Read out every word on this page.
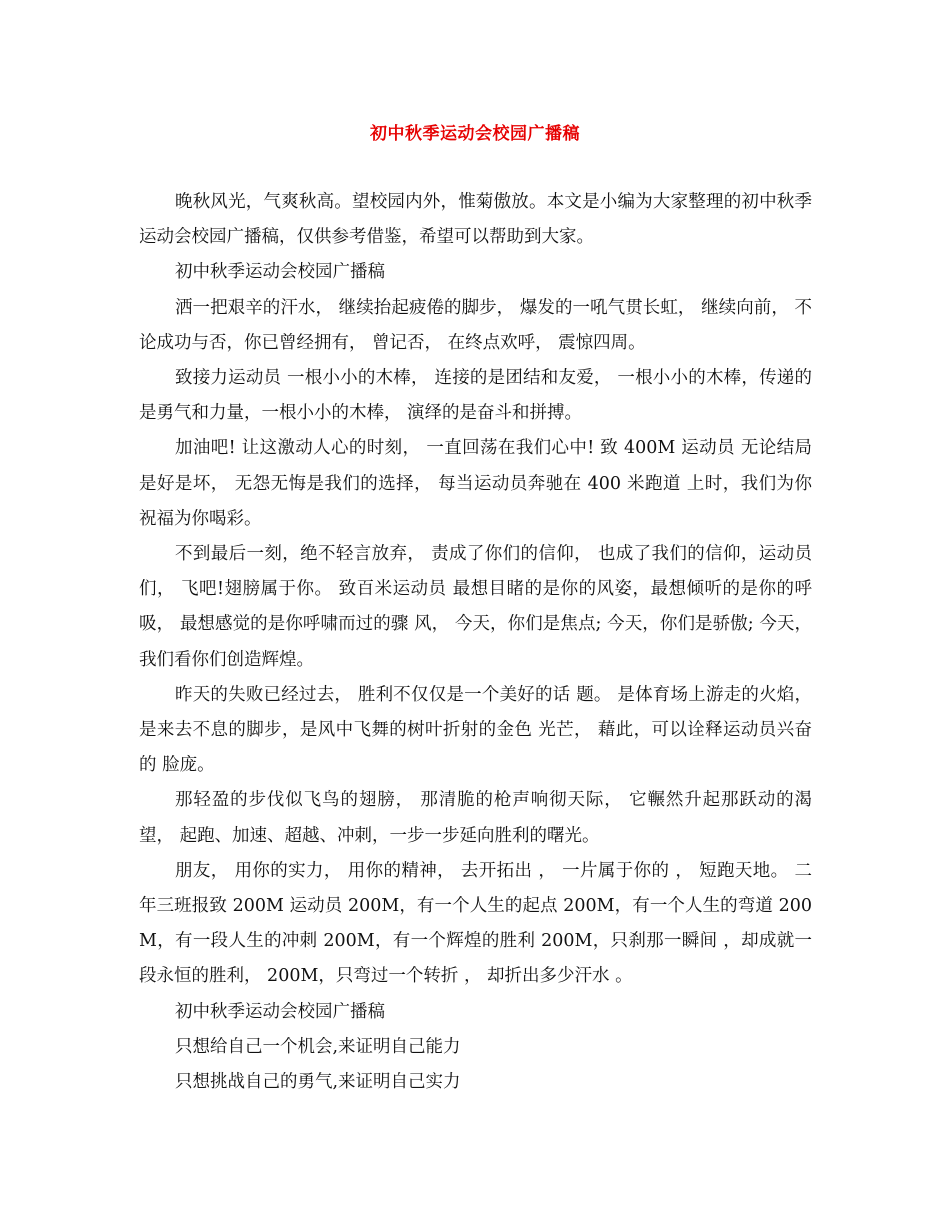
初中秋季运动会校园广播稿

晚秋风光，气爽秋高。望校园内外，惟菊傲放。本文是小编为大家整理的初中秋季运动会校园广播稿，仅供参考借鉴，希望可以帮助到大家。

初中秋季运动会校园广播稿

洒一把艰辛的汗水， 继续抬起疲倦的脚步， 爆发的一吼气贯长虹， 继续向前， 不论成功与否，你已曾经拥有， 曾记否， 在终点欢呼， 震惊四周。

致接力运动员 一根小小的木棒， 连接的是团结和友爱， 一根小小的木棒，传递的是勇气和力量，一根小小的木棒， 演绎的是奋斗和拼搏。

加油吧! 让这激动人心的时刻， 一直回荡在我们心中! 致 400M 运动员 无论结局是好是坏， 无怨无悔是我们的选择， 每当运动员奔驰在 400 米跑道 上时，我们为你祝福为你喝彩。

不到最后一刻，绝不轻言放弃， 责成了你们的信仰， 也成了我们的信仰，运动员们， 飞吧!翅膀属于你。 致百米运动员 最想目睹的是你的风姿，最想倾听的是你的呼吸， 最想感觉的是你呼啸而过的骤 风， 今天，你们是焦点; 今天，你们是骄傲; 今天，我们看你们创造辉煌。

昨天的失败已经过去， 胜利不仅仅是一个美好的话 题。 是体育场上游走的火焰， 是来去不息的脚步，是风中飞舞的树叶折射的金色 光芒， 藉此，可以诠释运动员兴奋的 脸庞。

那轻盈的步伐似飞鸟的翅膀， 那清脆的枪声响彻天际， 它冁然升起那跃动的渴望， 起跑、加速、超越、冲刺，一步一步延向胜利的曙光。

朋友， 用你的实力， 用你的精神， 去开拓出 ， 一片属于你的 ， 短跑天地。 二年三班报致 200M 运动员 200M，有一个人生的起点 200M，有一个人生的弯道 200M，有一段人生的冲刺 200M，有一个辉煌的胜利 200M，只刹那一瞬间 ，却成就一段永恒的胜利， 200M，只弯过一个转折 ， 却折出多少汗水 。

初中秋季运动会校园广播稿

只想给自己一个机会,来证明自己能力

只想挑战自己的勇气,来证明自己实力
